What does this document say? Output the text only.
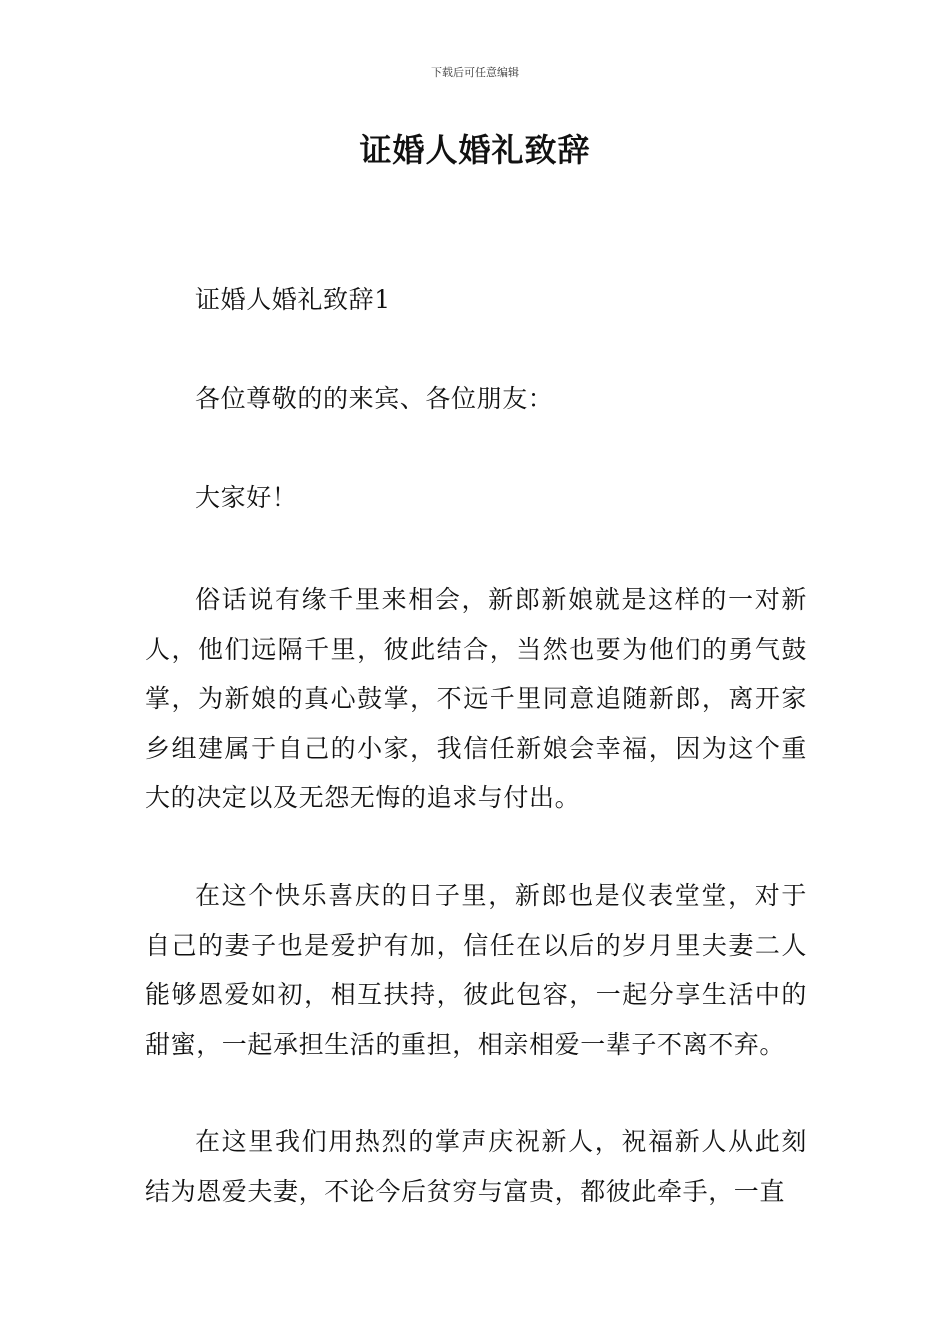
下载后可任意编辑
证婚人婚礼致辞

证婚人婚礼致辞1

各位尊敬的的来宾、各位朋友：

大家好！

俗话说有缘千里来相会，新郎新娘就是这样的一对新人，他们远隔千里，彼此结合，当然也要为他们的勇气鼓掌，为新娘的真心鼓掌，不远千里同意追随新郎，离开家乡组建属于自己的小家，我信任新娘会幸福，因为这个重大的决定以及无怨无悔的追求与付出。

在这个快乐喜庆的日子里，新郎也是仪表堂堂，对于自己的妻子也是爱护有加，信任在以后的岁月里夫妻二人能够恩爱如初，相互扶持，彼此包容，一起分享生活中的甜蜜，一起承担生活的重担，相亲相爱一辈子不离不弃。

在这里我们用热烈的掌声庆祝新人，祝福新人从此刻结为恩爱夫妻，不论今后贫穷与富贵，都彼此牵手，一直
